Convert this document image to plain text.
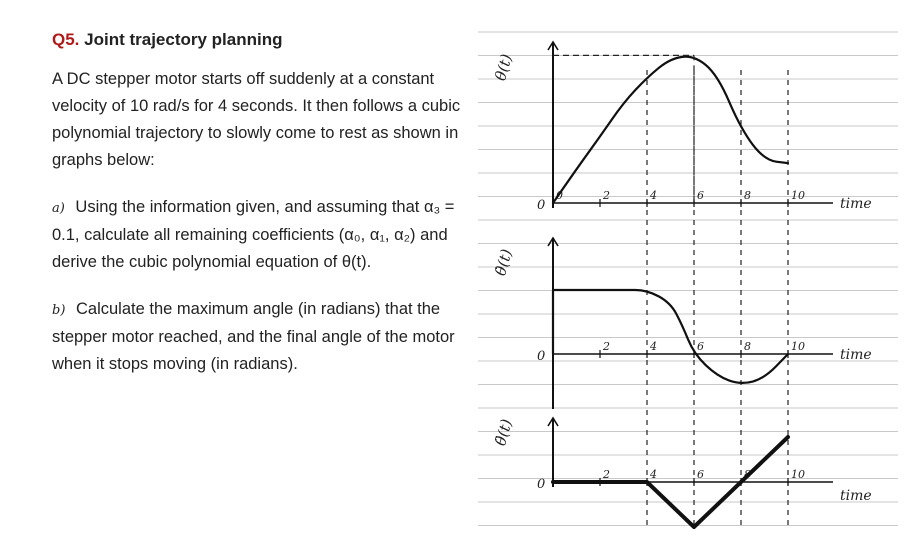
Q5. Joint trajectory planning

A DC stepper motor starts off suddenly at a constant velocity of 10 rad/s for 4 seconds. It then follows a cubic polynomial trajectory to slowly come to rest as shown in graphs below:

a) Using the information given, and assuming that α₃ = 0.1, calculate all remaining coefficients (α₀, α₁, α₂) and derive the cubic polynomial equation of θ(t).

b) Calculate the maximum angle (in radians) that the stepper motor reached, and the final angle of the motor when it stops moving (in radians).

θ(t)
time
0
0	2	4	6	8	10
θ̇(t)
time
0
2	4	6	8	10
θ̈(t)
time
0
2	4	6	8	10
